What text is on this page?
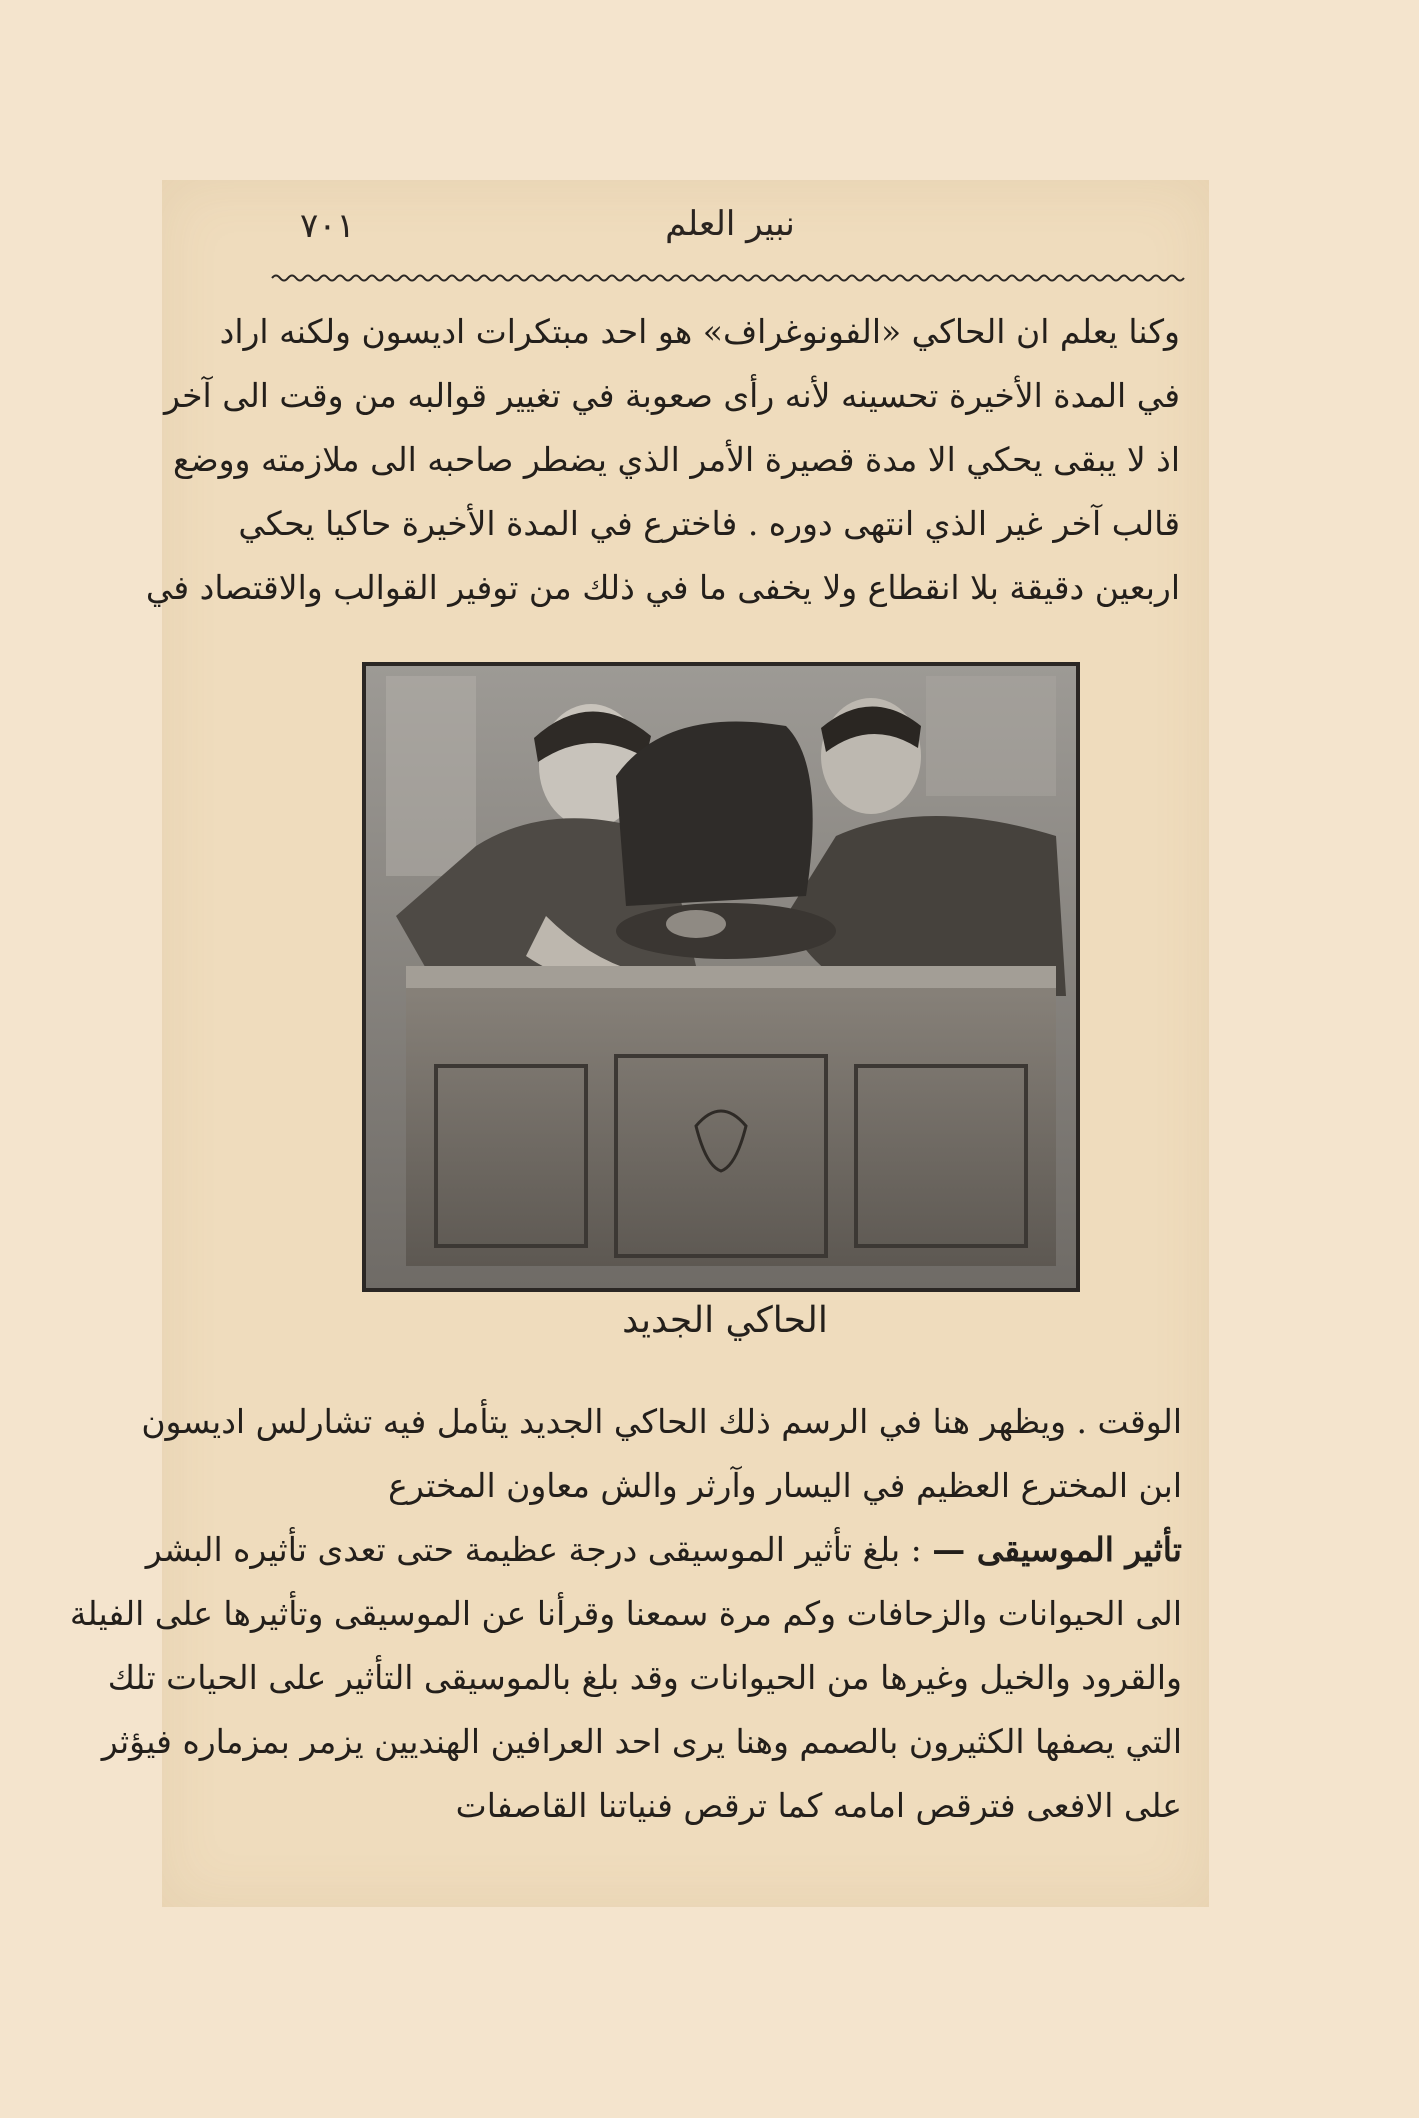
٧٠١	نبير العلم

وكنا يعلم ان الحاكي «الفونوغراف» هو احد مبتكرات اديسون ولكنه اراد
في المدة الأخيرة تحسينه لأنه رأى صعوبة في تغيير قوالبه من وقت الى آخر
اذ لا يبقى يحكي الا مدة قصيرة الأمر الذي يضطر صاحبه الى ملازمته ووضع
قالب آخر غير الذي انتهى دوره . فاخترع في المدة الأخيرة حاكيا يحكي
اربعين دقيقة بلا انقطاع ولا يخفى ما في ذلك من توفير القوالب والاقتصاد في

الحاكي الجديد

الوقت . ويظهر هنا في الرسم ذلك الحاكي الجديد يتأمل فيه تشارلس اديسون
ابن المخترع العظيم في اليسار وآرثر والش معاون المخترع
تأثير الموسيقى — : بلغ تأثير الموسيقى درجة عظيمة حتى تعدى تأثيره البشر
الى الحيوانات والزحافات وكم مرة سمعنا وقرأنا عن الموسيقى وتأثيرها على الفيلة
والقرود والخيل وغيرها من الحيوانات وقد بلغ بالموسيقى التأثير على الحيات تلك
التي يصفها الكثيرون بالصمم وهنا يرى احد العرافين الهنديين يزمر بمزماره فيؤثر
على الافعى فترقص امامه كما ترقص فنياتنا القاصفات
